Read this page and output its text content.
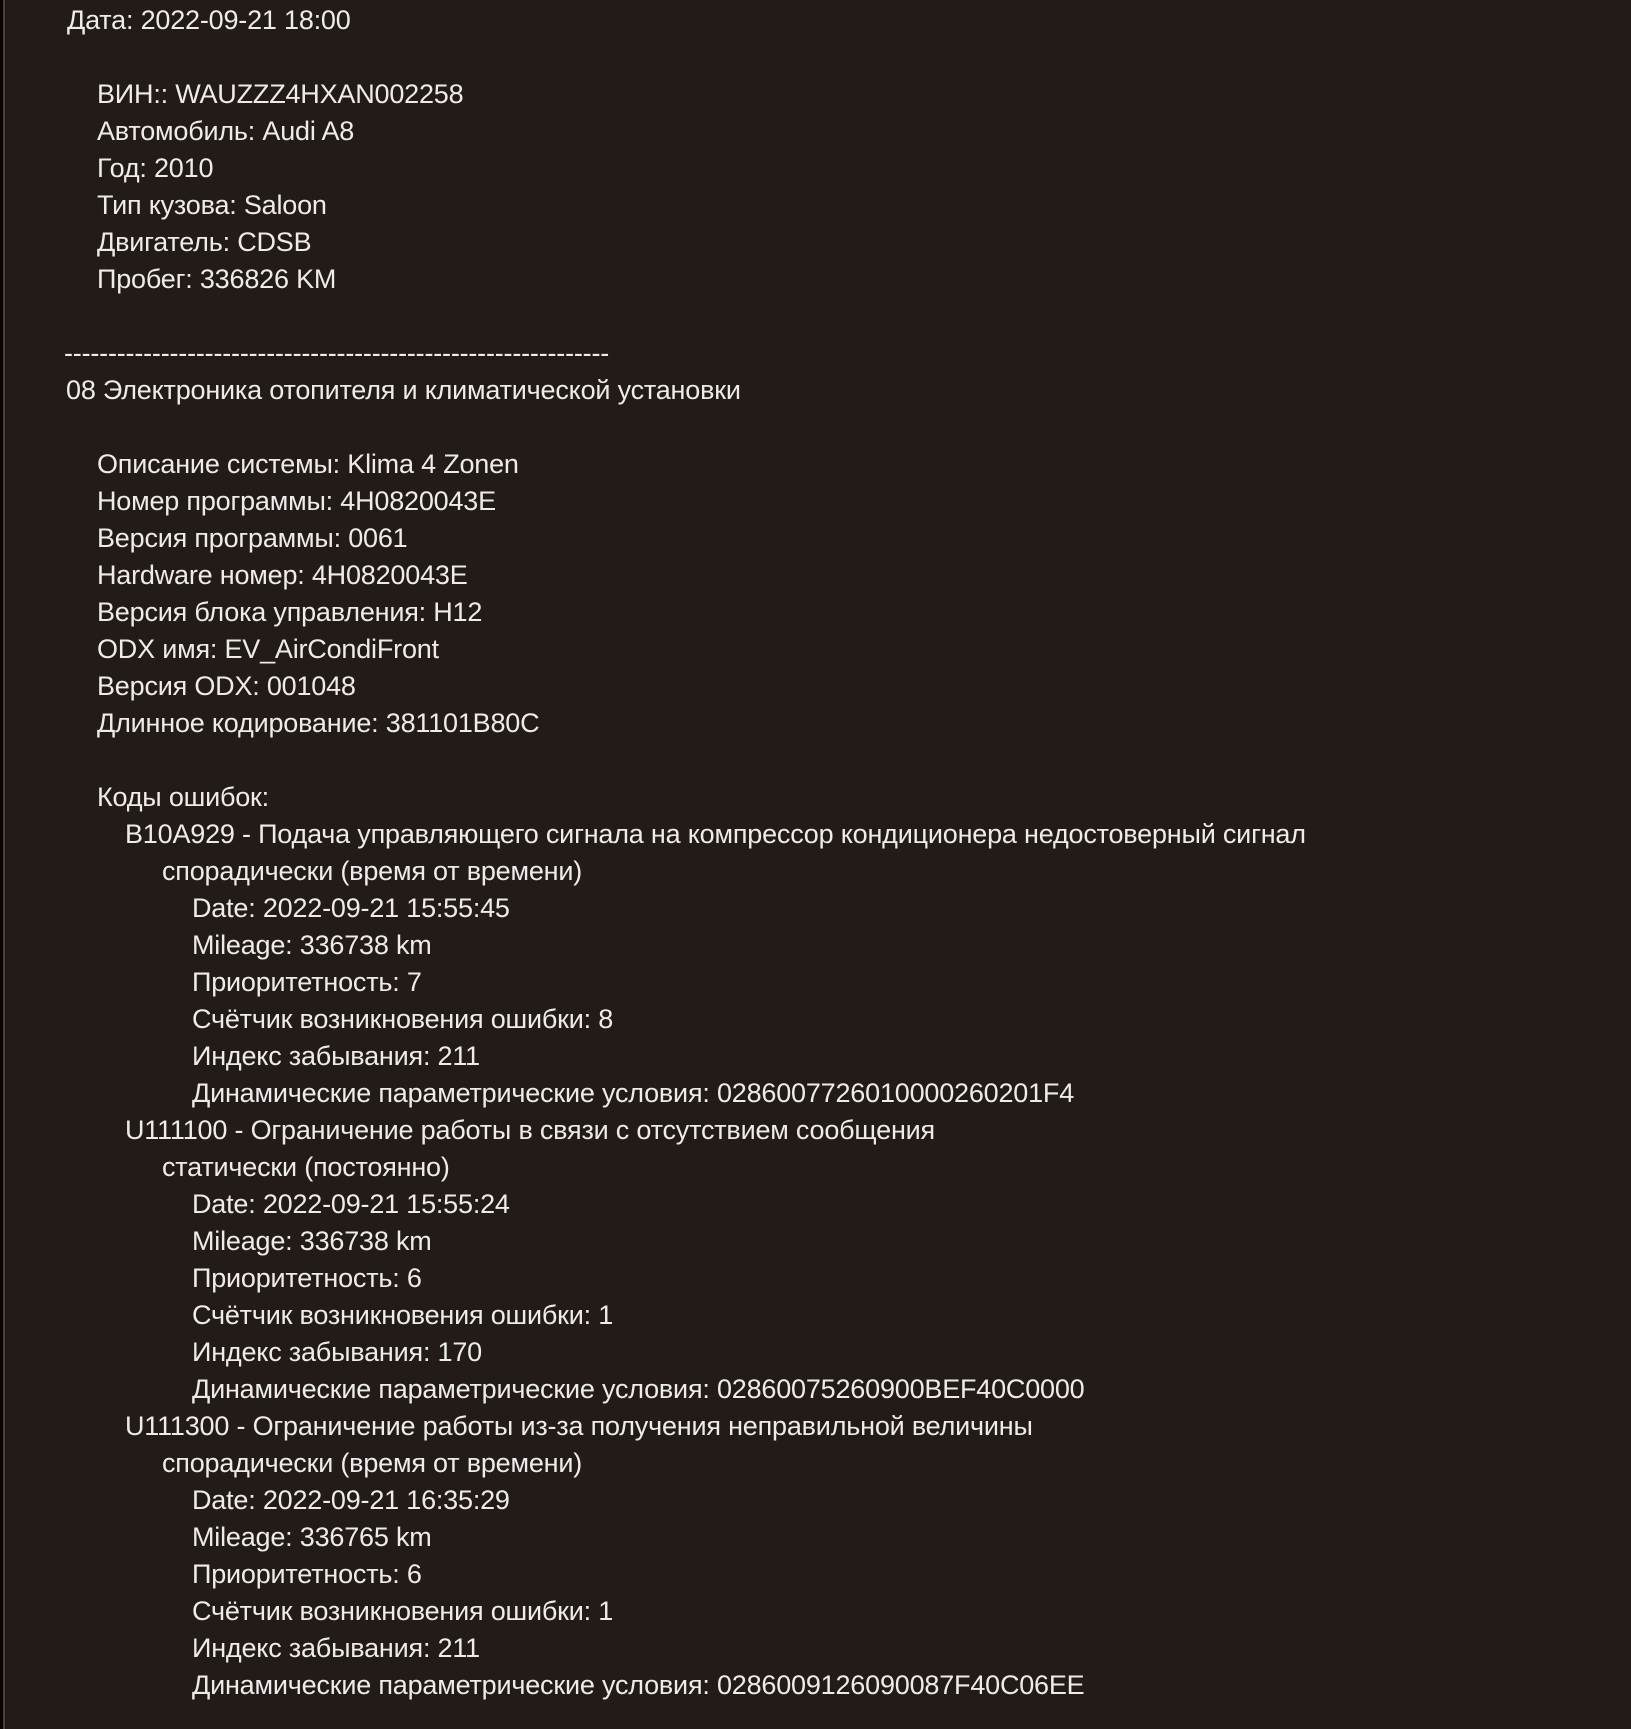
Дата: 2022-09-21 18:00
ВИН:: WAUZZZ4HXAN002258
Автомобиль: Audi A8
Год: 2010
Тип кузова: Saloon
Двигатель: CDSB
Пробег: 336826 KM
--------------------------------------------------------------
08 Электроника отопителя и климатической установки
Описание системы: Klima 4 Zonen
Номер программы: 4H0820043E
Версия программы: 0061
Hardware номер: 4H0820043E
Версия блока управления: H12
ODX имя: EV_AirCondiFront
Версия ODX: 001048
Длинное кодирование: 381101B80C
Коды ошибок:
B10A929 - Подача управляющего сигнала на компрессор кондиционера недостоверный сигнал
спорадически (время от времени)
Date: 2022-09-21 15:55:45
Mileage: 336738 km
Приоритетность: 7
Счётчик возникновения ошибки: 8
Индекс забывания: 211
Динамические параметрические условия: 0286007726010000260201F4
U111100 - Ограничение работы в связи с отсутствием сообщения
статически (постоянно)
Date: 2022-09-21 15:55:24
Mileage: 336738 km
Приоритетность: 6
Счётчик возникновения ошибки: 1
Индекс забывания: 170
Динамические параметрические условия: 02860075260900BEF40C0000
U111300 - Ограничение работы из-за получения неправильной величины
спорадически (время от времени)
Date: 2022-09-21 16:35:29
Mileage: 336765 km
Приоритетность: 6
Счётчик возникновения ошибки: 1
Индекс забывания: 211
Динамические параметрические условия: 0286009126090087F40C06EE
